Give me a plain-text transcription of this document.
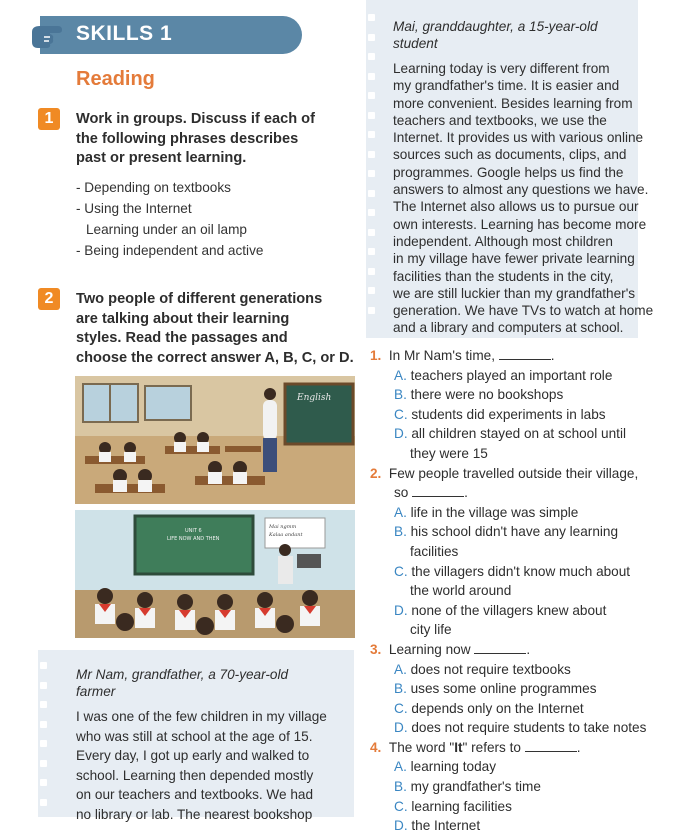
SKILLS 1
Reading
1	Work in groups. Discuss if each of
the following phrases describes
past or present learning.
- Depending on textbooks
- Using the Internet
Learning under an oil lamp
- Being independent and active
2	Two people of different generations
are talking about their learning
styles. Read the passages and
choose the correct answer A, B, C, or D.
English
UNIT 6
LIFE NOW AND THEN
Mai ngmm
Kalaa andant
Mai, granddaughter, a 15-year-old
student
Learning today is very different from
my grandfather's time. It is easier and
more convenient. Besides learning from
teachers and textbooks, we use the
Internet. It provides us with various online
sources such as documents, clips, and
programmes. Google helps us find the
answers to almost any questions we have.
The Internet also allows us to pursue our
own interests. Learning has become more
independent. Although most children
in my village have fewer private learning
facilities than the students in the city,
we are still luckier than my grandfather's
generation. We have TVs to watch at home
and a library and computers at school.
Mr Nam, grandfather, a 70-year-old
farmer
I was one of the few children in my village
who was still at school at the age of 15.
Every day, I got up early and walked to
school. Learning then depended mostly
on our teachers and textbooks. We had
no library or lab. The nearest bookshop
1. In Mr Nam's time,	.
A. teachers played an important role
B. there were no bookshops
C. students did experiments in labs
D. all children stayed on at school until
they were 15
2. Few people travelled outside their village,
so	.
A. life in the village was simple
B. his school didn't have any learning
facilities
C. the villagers didn't know much about
the world around
D. none of the villagers knew about
city life
3. Learning now	.
A. does not require textbooks
B. uses some online programmes
C. depends only on the Internet
D. does not require students to take notes
4. The word "It" refers to	.
A. learning today
B. my grandfather's time
C. learning facilities
D. the Internet
